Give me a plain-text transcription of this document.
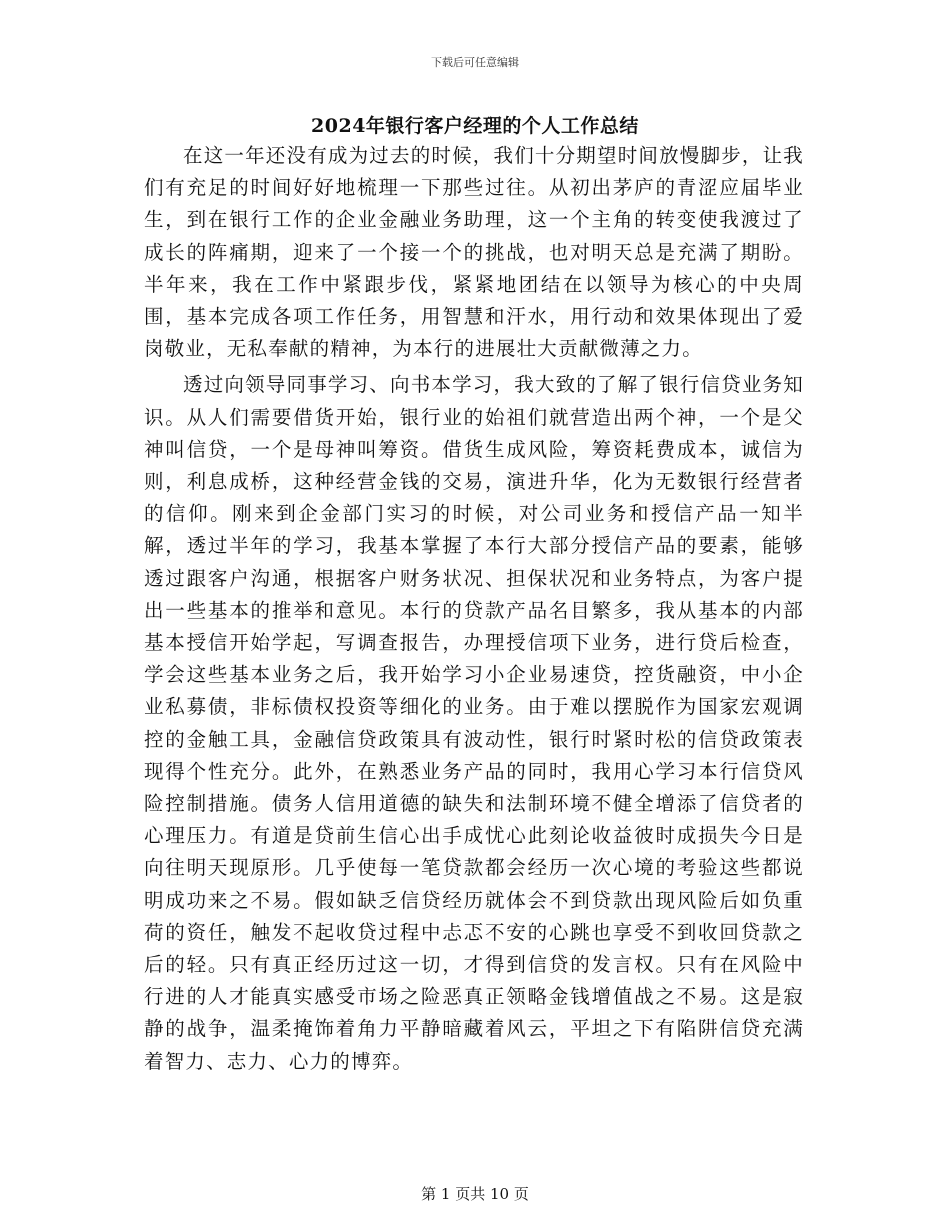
下载后可任意编辑
2024年银行客户经理的个人工作总结

在这一年还没有成为过去的时候，我们十分期望时间放慢脚步，让我们有充足的时间好好地梳理一下那些过往。从初出茅庐的青涩应届毕业生，到在银行工作的企业金融业务助理，这一个主角的转变使我渡过了成长的阵痛期，迎来了一个接一个的挑战，也对明天总是充满了期盼。半年来，我在工作中紧跟步伐，紧紧地团结在以领导为核心的中央周围，基本完成各项工作任务，用智慧和汗水，用行动和效果体现出了爱岗敬业，无私奉献的精神，为本行的进展壮大贡献微薄之力。

透过向领导同事学习、向书本学习，我大致的了解了银行信贷业务知识。从人们需要借货开始，银行业的始祖们就营造出两个神，一个是父神叫信贷，一个是母神叫筹资。借货生成风险，筹资耗费成本，诚信为则，利息成桥，这种经营金钱的交易，演进升华，化为无数银行经营者的信仰。刚来到企金部门实习的时候，对公司业务和授信产品一知半解，透过半年的学习，我基本掌握了本行大部分授信产品的要素，能够透过跟客户沟通，根据客户财务状况、担保状况和业务特点，为客户提出一些基本的推举和意见。本行的贷款产品名目繁多，我从基本的内部基本授信开始学起，写调查报告，办理授信项下业务，进行贷后检查，学会这些基本业务之后，我开始学习小企业易速贷，控货融资，中小企业私募债，非标债权投资等细化的业务。由于难以摆脱作为国家宏观调控的金触工具，金融信贷政策具有波动性，银行时紧时松的信贷政策表现得个性充分。此外，在熟悉业务产品的同时，我用心学习本行信贷风险控制措施。债务人信用道德的缺失和法制环境不健全增添了信贷者的心理压力。有道是贷前生信心出手成忧心此刻论收益彼时成损失今日是向往明天现原形。几乎使每一笔贷款都会经历一次心境的考验这些都说明成功来之不易。假如缺乏信贷经历就体会不到贷款出现风险后如负重荷的资任，触发不起收贷过程中忐忑不安的心跳也享受不到收回贷款之后的轻。只有真正经历过这一切，才得到信贷的发言权。只有在风险中行进的人才能真实感受市场之险恶真正领略金钱增值战之不易。这是寂静的战争，温柔掩饰着角力平静暗藏着风云，平坦之下有陷阱信贷充满着智力、志力、心力的博弈。

第 1 页共 10 页
